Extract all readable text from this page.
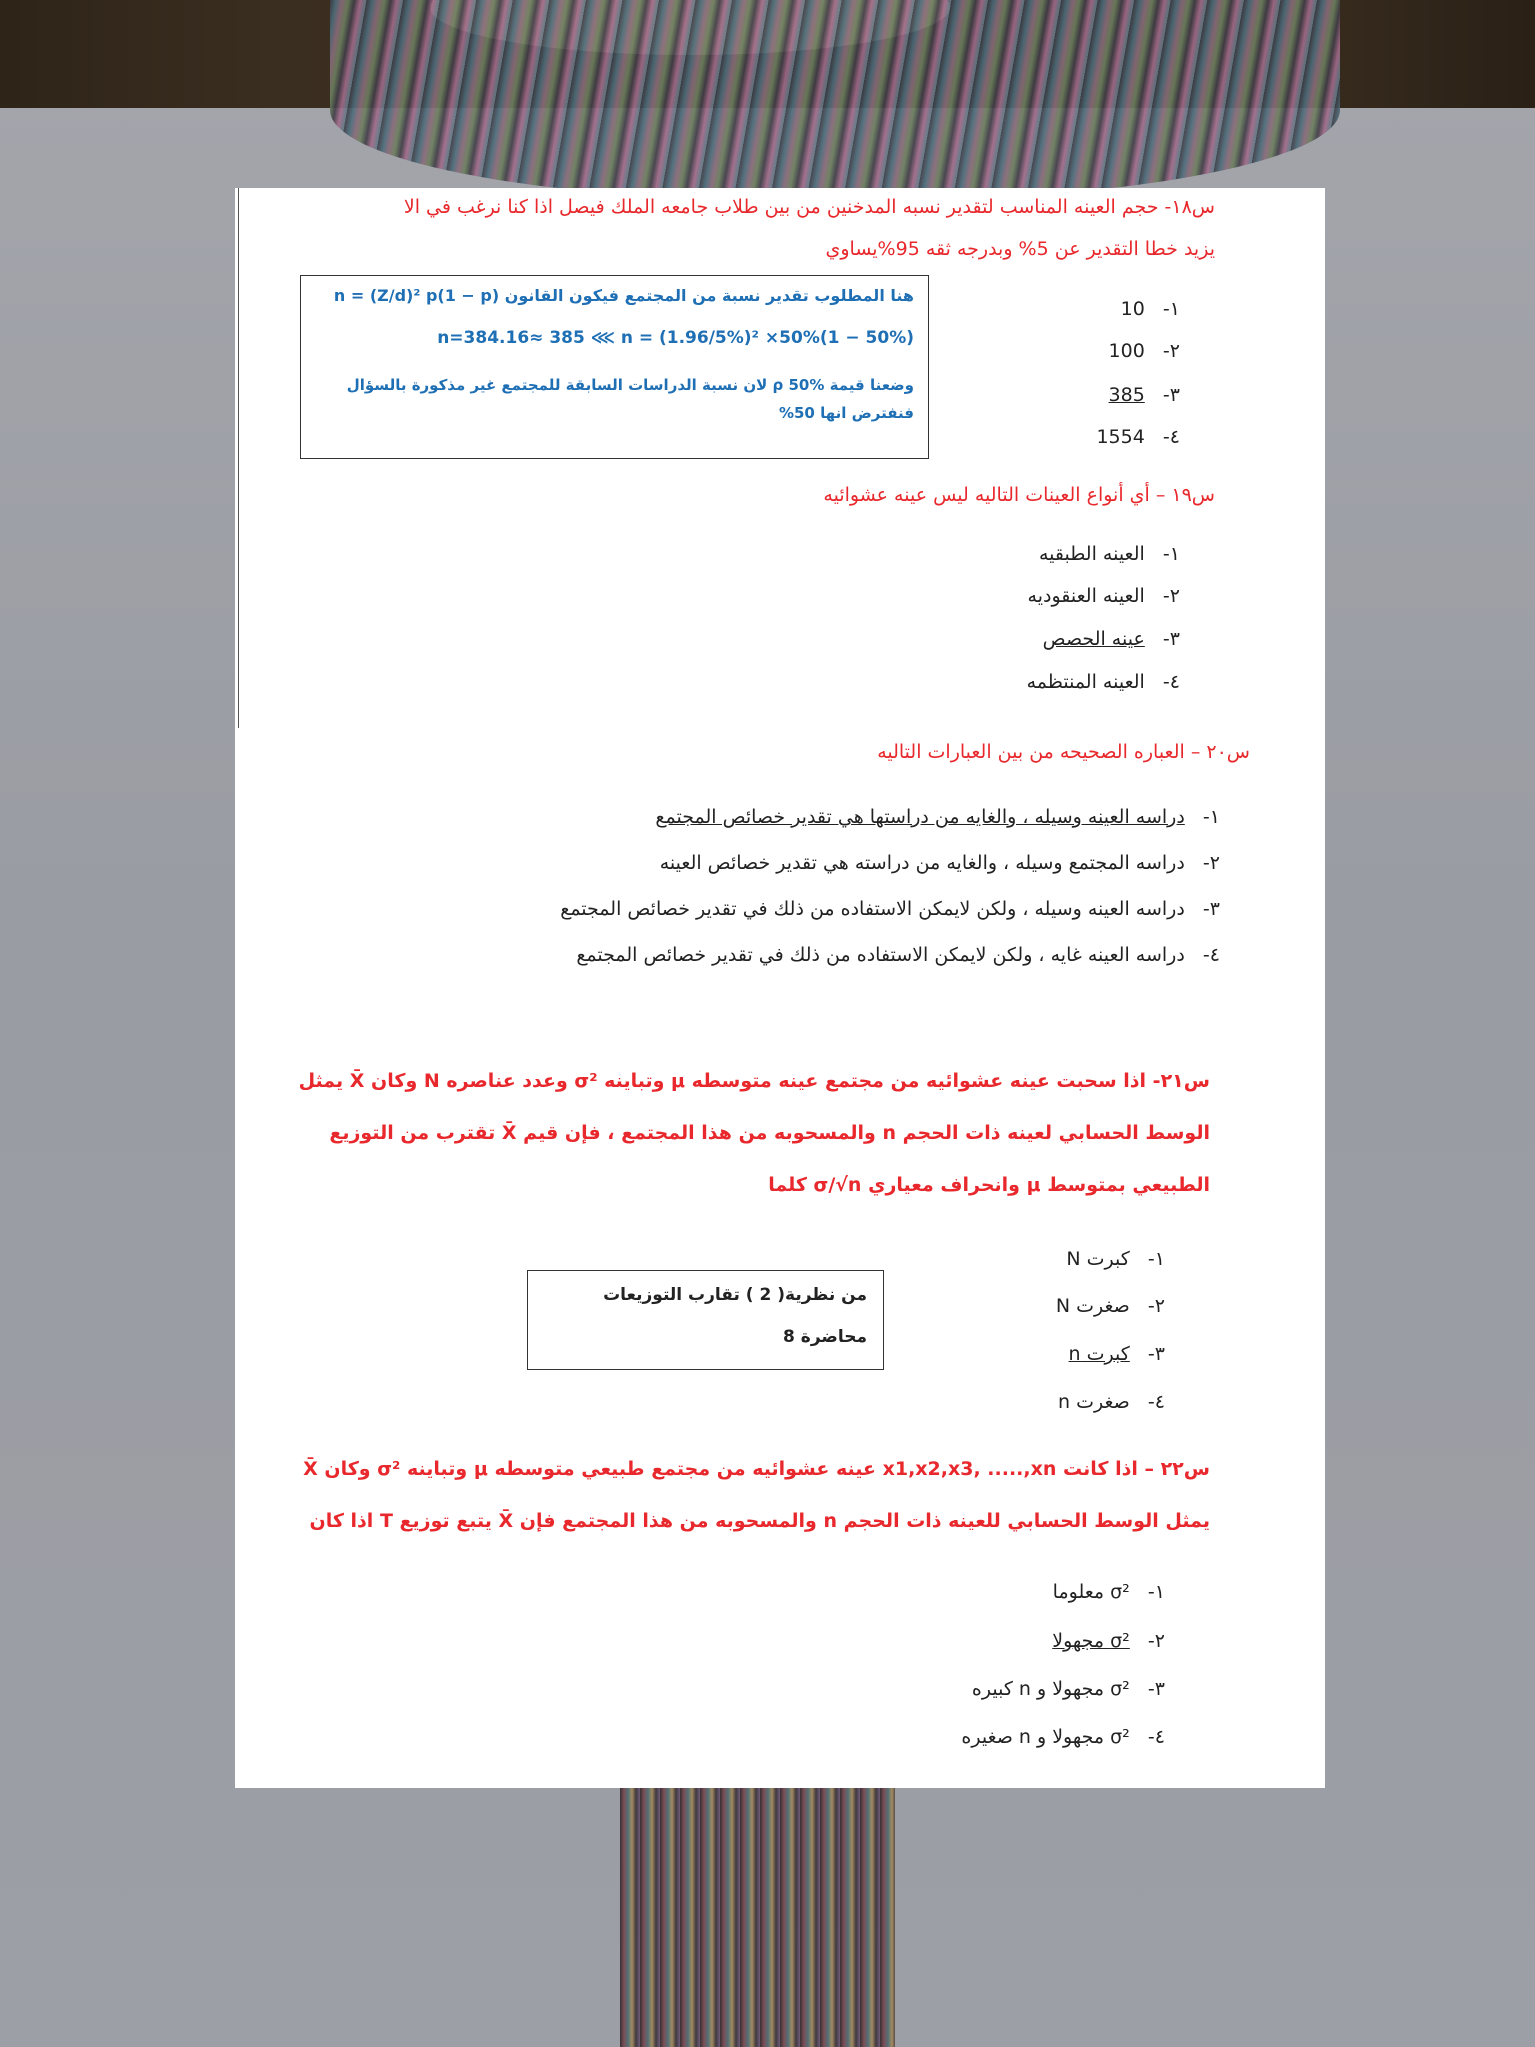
س١٨- حجم العينه المناسب لتقدير نسبه المدخنين من بين طلاب جامعه الملك فيصل اذا كنا نرغب في الا
يزيد خطا التقدير عن 5% وبدرجه ثقه 95%يساوي
١-   10
٢-   100
٣-   385
٤-   1554
هنا المطلوب تقدير نسبة من المجتمع فيكون القانون n = (Z/d)² p(1 − p)
n=384.16≈ 385 ⋘ n = (1.96/5%)² ×50%(1 − 50%)
وضعنا قيمة ρ 50% لان نسبة الدراسات السابقة للمجتمع غير مذكورة بالسؤال
فنفترض انها 50%
س١٩ – أي أنواع العينات التاليه ليس عينه عشوائيه
١-   العينه الطبقيه
٢-   العينه العنقوديه
٣-   عينه الحصص
٤-   العينه المنتظمه
س٢٠ – العباره الصحيحه من بين العبارات التاليه
١-   دراسه العينه وسيله ، والغايه من دراستها هي تقدير خصائص المجتمع
٢-   دراسه المجتمع وسيله ، والغايه من دراسته هي تقدير خصائص العينه
٣-   دراسه العينه وسيله ، ولكن لايمكن الاستفاده من ذلك في تقدير خصائص المجتمع
٤-   دراسه العينه غايه ، ولكن لايمكن الاستفاده من ذلك في تقدير خصائص المجتمع
س٢١- اذا سحبت عينه عشوائيه من مجتمع عينه متوسطه μ وتباينه σ² وعدد عناصره N وكان X̄ يمثل
الوسط الحسابي لعينه ذات الحجم n والمسحوبه من هذا المجتمع ، فإن قيم X̄ تقترب من التوزيع
الطبيعي بمتوسط μ وانحراف معياري σ/√n كلما
١-   كبرت N
٢-   صغرت N
٣-   كبرت n
٤-   صغرت n
من نظرية( 2 ) تقارب التوزيعات
محاضرة 8
س٢٢ – اذا كانت x1,x2,x3, .....,xn عينه عشوائيه من مجتمع طبيعي متوسطه μ وتباينه σ² وكان X̄
يمثل الوسط الحسابي للعينه ذات الحجم n والمسحوبه من هذا المجتمع فإن X̄ يتبع توزيع T اذا كان
١-   σ² معلوما
٢-   σ² مجهولا
٣-   σ² مجهولا و n كبيره
٤-   σ² مجهولا و n صغيره
